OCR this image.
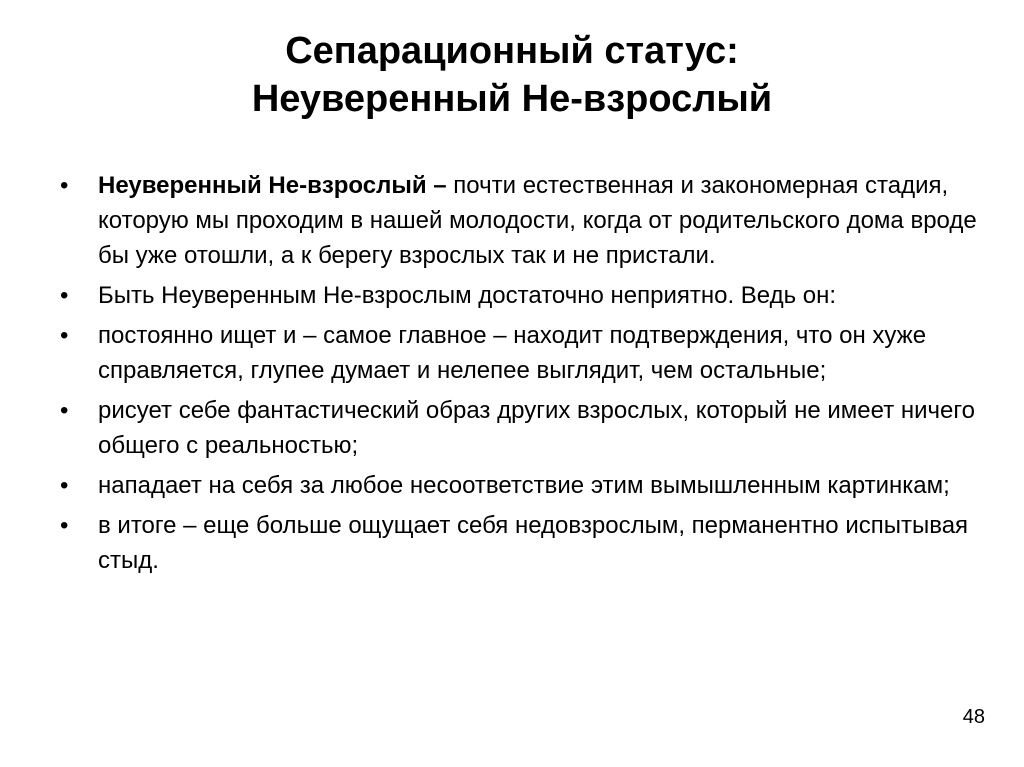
Сепарационный статус:
Неуверенный Не-взрослый
•	Неуверенный Не-взрослый – почти естественная и закономерная стадия, которую мы проходим в нашей молодости, когда от родительского дома вроде бы уже отошли, а к берегу взрослых так и не пристали.
•	Быть Неуверенным Не-взрослым достаточно неприятно. Ведь он:
•	постоянно ищет и – самое главное – находит подтверждения, что он хуже справляется, глупее думает и нелепее выглядит, чем остальные;
•	рисует себе фантастический образ других взрослых, который не имеет ничего общего с реальностью;
•	нападает на себя за любое несоответствие этим вымышленным картинкам;
•	в итоге – еще больше ощущает себя недовзрослым, перманентно испытывая стыд.
48
